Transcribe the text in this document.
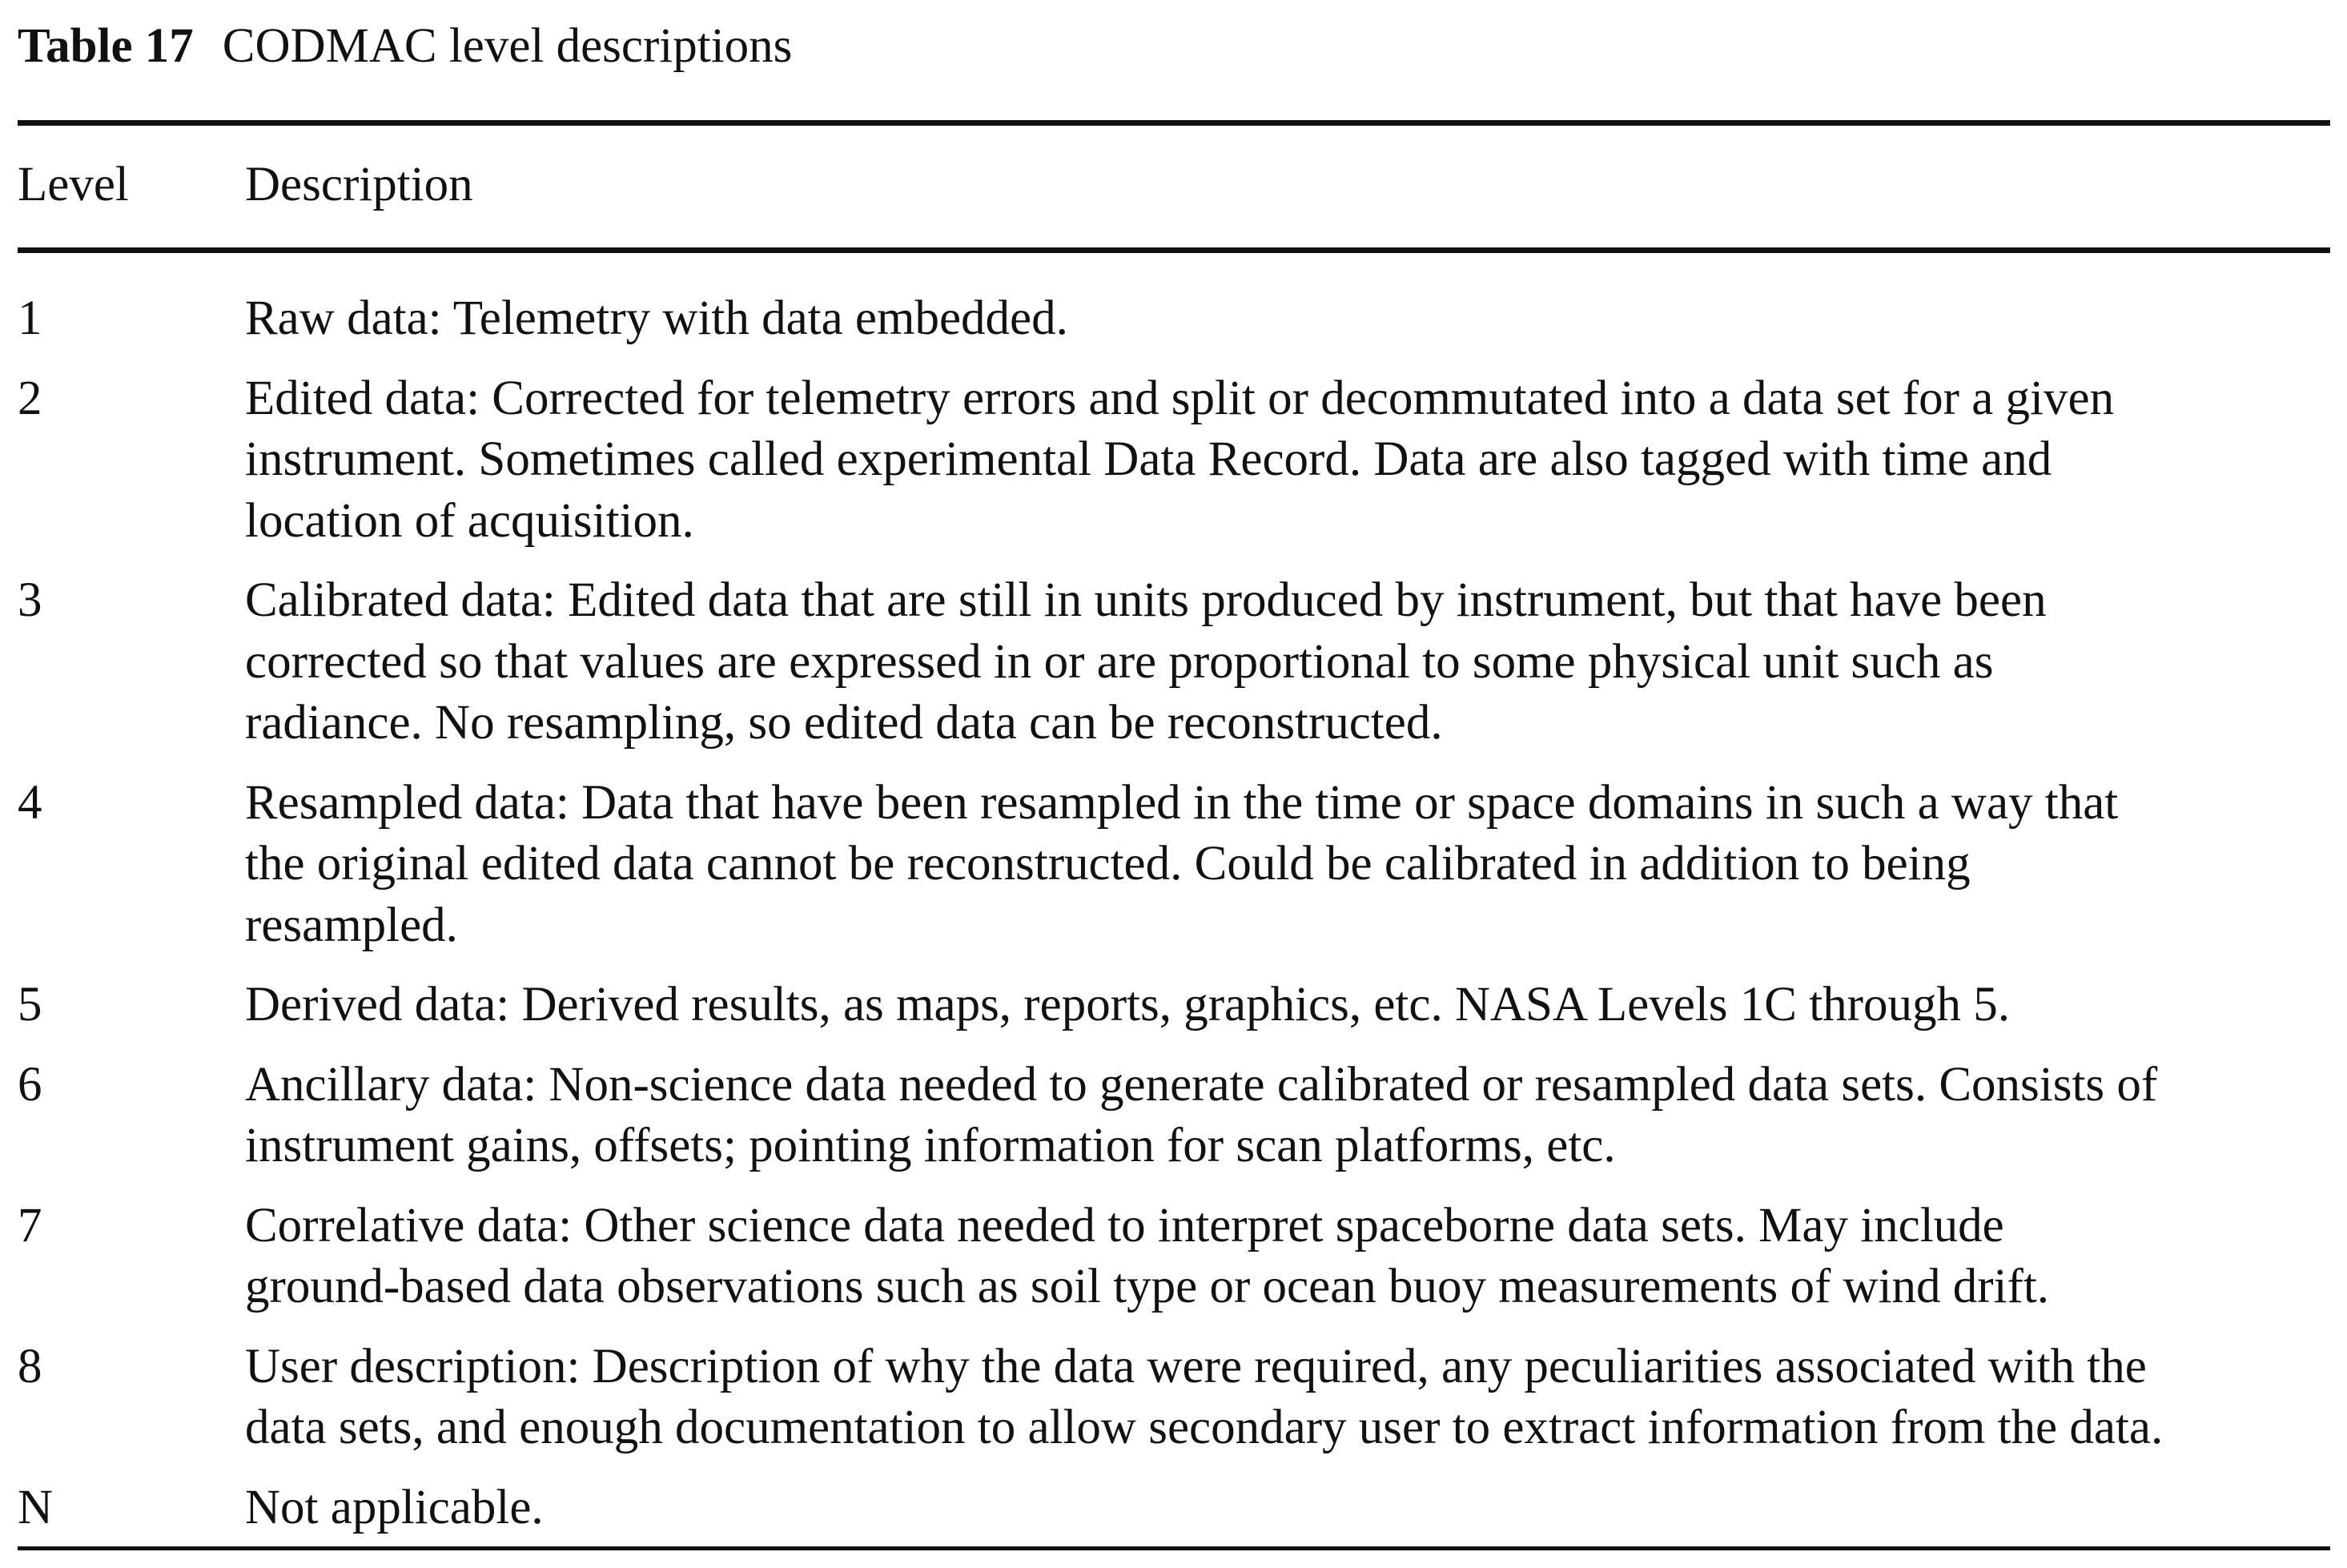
Table 17 CODMAC level descriptions
Level	Description
1	Raw data: Telemetry with data embedded.
2	Edited data: Corrected for telemetry errors and split or decommutated into a data set for a given
instrument. Sometimes called experimental Data Record. Data are also tagged with time and
location of acquisition.
3	Calibrated data: Edited data that are still in units produced by instrument, but that have been
corrected so that values are expressed in or are proportional to some physical unit such as
radiance. No resampling, so edited data can be reconstructed.
4	Resampled data: Data that have been resampled in the time or space domains in such a way that
the original edited data cannot be reconstructed. Could be calibrated in addition to being
resampled.
5	Derived data: Derived results, as maps, reports, graphics, etc. NASA Levels 1C through 5.
6	Ancillary data: Non-science data needed to generate calibrated or resampled data sets. Consists of
instrument gains, offsets; pointing information for scan platforms, etc.
7	Correlative data: Other science data needed to interpret spaceborne data sets. May include
ground-based data observations such as soil type or ocean buoy measurements of wind drift.
8	User description: Description of why the data were required, any peculiarities associated with the
data sets, and enough documentation to allow secondary user to extract information from the data.
N	Not applicable.
